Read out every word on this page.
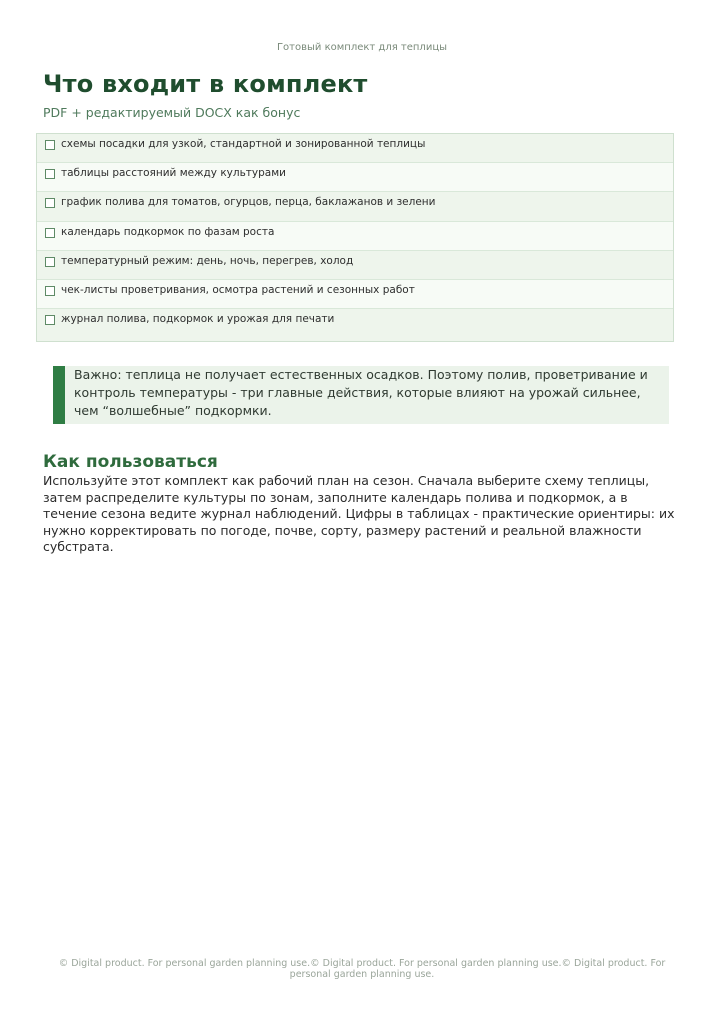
Готовый комплект для теплицы
Что входит в комплект
PDF + редактируемый DOCX как бонус
схемы посадки для узкой, стандартной и зонированной теплицы
таблицы расстояний между культурами
график полива для томатов, огурцов, перца, баклажанов и зелени
календарь подкормок по фазам роста
температурный режим: день, ночь, перегрев, холод
чек-листы проветривания, осмотра растений и сезонных работ
журнал полива, подкормок и урожая для печати
Важно: теплица не получает естественных осадков. Поэтому полив, проветривание и контроль температуры - три главные действия, которые влияют на урожай сильнее, чем “волшебные” подкормки.
Как пользоваться

Используйте этот комплект как рабочий план на сезон. Сначала выберите схему теплицы, затем распределите культуры по зонам, заполните календарь полива и подкормок, а в течение сезона ведите журнал наблюдений. Цифры в таблицах - практические ориентиры: их нужно корректировать по погоде, почве, сорту, размеру растений и реальной влажности субстрата.

© Digital product. For personal garden planning use.© Digital product. For personal garden planning use.© Digital product. For personal garden planning use.
